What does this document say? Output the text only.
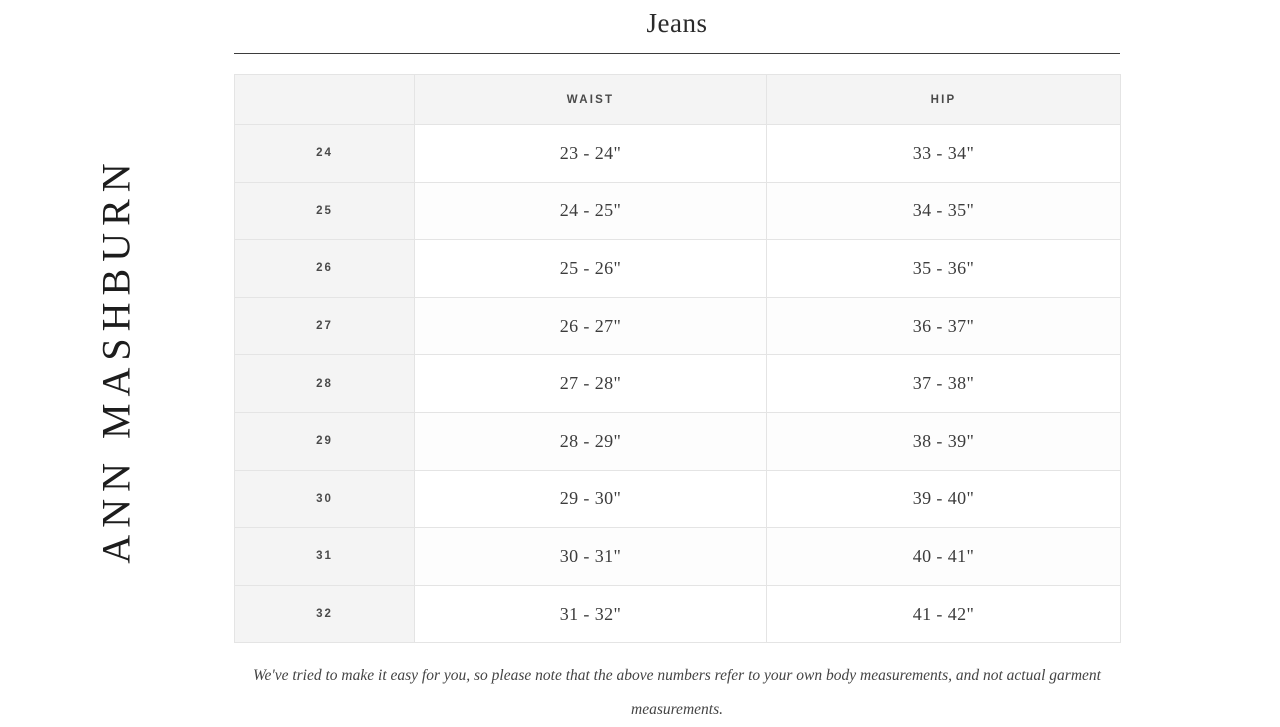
ANN MASHBURN
Jeans
	WAIST	HIP
24	23 - 24"	33 - 34"
25	24 - 25"	34 - 35"
26	25 - 26"	35 - 36"
27	26 - 27"	36 - 37"
28	27 - 28"	37 - 38"
29	28 - 29"	38 - 39"
30	29 - 30"	39 - 40"
31	30 - 31"	40 - 41"
32	31 - 32"	41 - 42"

We've tried to make it easy for you, so please note that the above numbers refer to your own body measurements, and not actual garment measurements.
